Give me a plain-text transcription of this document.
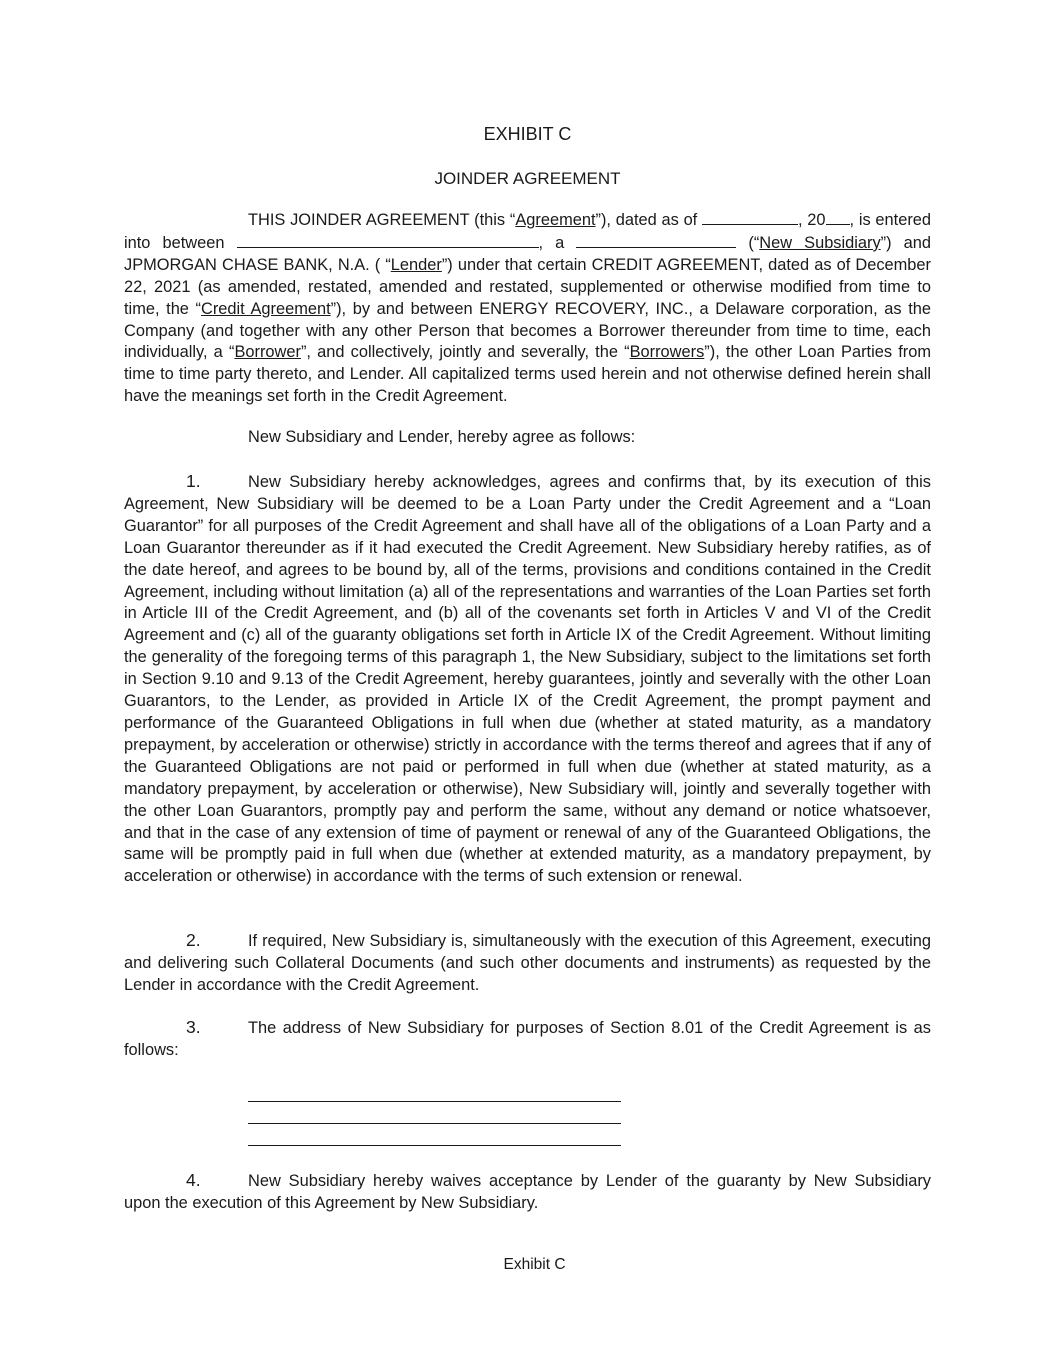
EXHIBIT C
JOINDER AGREEMENT

THIS JOINDER AGREEMENT (this “Agreement”), dated as of	, 20 , is entered into between	, a	(“New Subsidiary”) and JPMORGAN CHASE BANK, N.A. ( “Lender”) under that certain CREDIT AGREEMENT, dated as of December 22, 2021 (as amended, restated, amended and restated, supplemented or otherwise modified from time to time, the “Credit Agreement”), by and between ENERGY RECOVERY, INC., a Delaware corporation, as the Company (and together with any other Person that becomes a Borrower thereunder from time to time, each individually, a “Borrower”, and collectively, jointly and severally, the “Borrowers”), the other Loan Parties from time to time party thereto, and Lender. All capitalized terms used herein and not otherwise defined herein shall have the meanings set forth in the Credit Agreement.

New Subsidiary and Lender, hereby agree as follows:

1.	New Subsidiary hereby acknowledges, agrees and confirms that, by its execution of this Agreement, New Subsidiary will be deemed to be a Loan Party under the Credit Agreement and a “Loan Guarantor” for all purposes of the Credit Agreement and shall have all of the obligations of a Loan Party and a Loan Guarantor thereunder as if it had executed the Credit Agreement. New Subsidiary hereby ratifies, as of the date hereof, and agrees to be bound by, all of the terms, provisions and conditions contained in the Credit Agreement, including without limitation (a) all of the representations and warranties of the Loan Parties set forth in Article III of the Credit Agreement, and (b) all of the covenants set forth in Articles V and VI of the Credit Agreement and (c) all of the guaranty obligations set forth in Article IX of the Credit Agreement. Without limiting the generality of the foregoing terms of this paragraph 1, the New Subsidiary, subject to the limitations set forth in Section 9.10 and 9.13 of the Credit Agreement, hereby guarantees, jointly and severally with the other Loan Guarantors, to the Lender, as provided in Article IX of the Credit Agreement, the prompt payment and performance of the Guaranteed Obligations in full when due (whether at stated maturity, as a mandatory prepayment, by acceleration or otherwise) strictly in accordance with the terms thereof and agrees that if any of the Guaranteed Obligations are not paid or performed in full when due (whether at stated maturity, as a mandatory prepayment, by acceleration or otherwise), New Subsidiary will, jointly and severally together with the other Loan Guarantors, promptly pay and perform the same, without any demand or notice whatsoever, and that in the case of any extension of time of payment or renewal of any of the Guaranteed Obligations, the same will be promptly paid in full when due (whether at extended maturity, as a mandatory prepayment, by acceleration or otherwise) in accordance with the terms of such extension or renewal.

2.	If required, New Subsidiary is, simultaneously with the execution of this Agreement, executing and delivering such Collateral Documents (and such other documents and instruments) as requested by the Lender in accordance with the Credit Agreement.

3.	The address of New Subsidiary for purposes of Section 8.01 of the Credit Agreement is as follows:

4.	New Subsidiary hereby waives acceptance by Lender of the guaranty by New Subsidiary upon the execution of this Agreement by New Subsidiary.

Exhibit C
